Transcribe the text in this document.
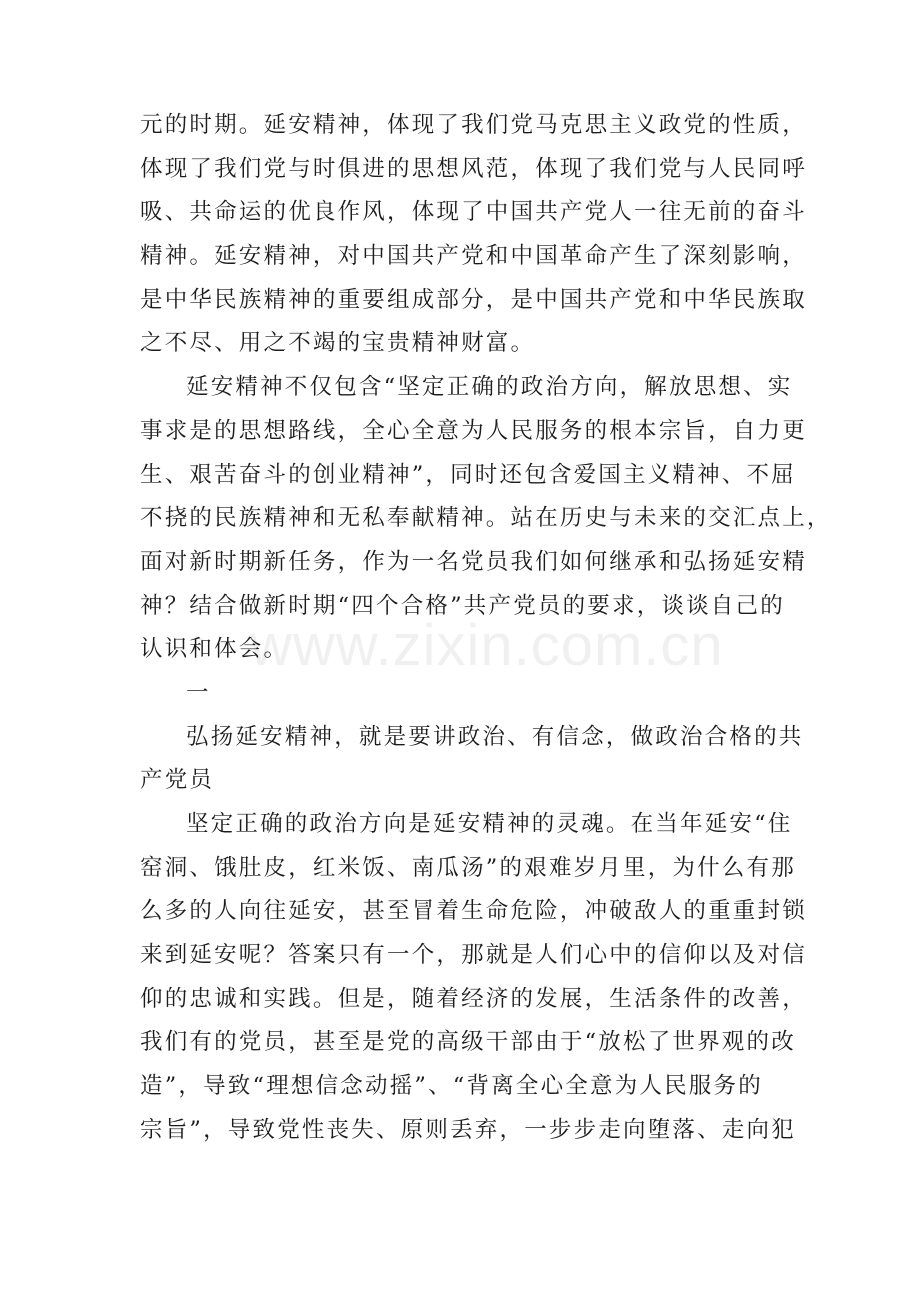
www.zixin.com.cn
元的时期。延安精神，体现了我们党马克思主义政党的性质，
体现了我们党与时俱进的思想风范，体现了我们党与人民同呼
吸、共命运的优良作风，体现了中国共产党人一往无前的奋斗
精神。延安精神，对中国共产党和中国革命产生了深刻影响，
是中华民族精神的重要组成部分，是中国共产党和中华民族取
之不尽、用之不竭的宝贵精神财富。
延安精神不仅包含“坚定正确的政治方向，解放思想、实
事求是的思想路线，全心全意为人民服务的根本宗旨，自力更
生、艰苦奋斗的创业精神”，同时还包含爱国主义精神、不屈
不挠的民族精神和无私奉献精神。站在历史与未来的交汇点上，
面对新时期新任务，作为一名党员我们如何继承和弘扬延安精
神？结合做新时期“四个合格”共产党员的要求，谈谈自己的
认识和体会。
一
弘扬延安精神，就是要讲政治、有信念，做政治合格的共
产党员
坚定正确的政治方向是延安精神的灵魂。在当年延安“住
窑洞、饿肚皮，红米饭、南瓜汤”的艰难岁月里，为什么有那
么多的人向往延安，甚至冒着生命危险，冲破敌人的重重封锁
来到延安呢？答案只有一个，那就是人们心中的信仰以及对信
仰的忠诚和实践。但是，随着经济的发展，生活条件的改善，
我们有的党员，甚至是党的高级干部由于“放松了世界观的改
造”，导致“理想信念动摇”、“背离全心全意为人民服务的
宗旨”，导致党性丧失、原则丢弃，一步步走向堕落、走向犯
